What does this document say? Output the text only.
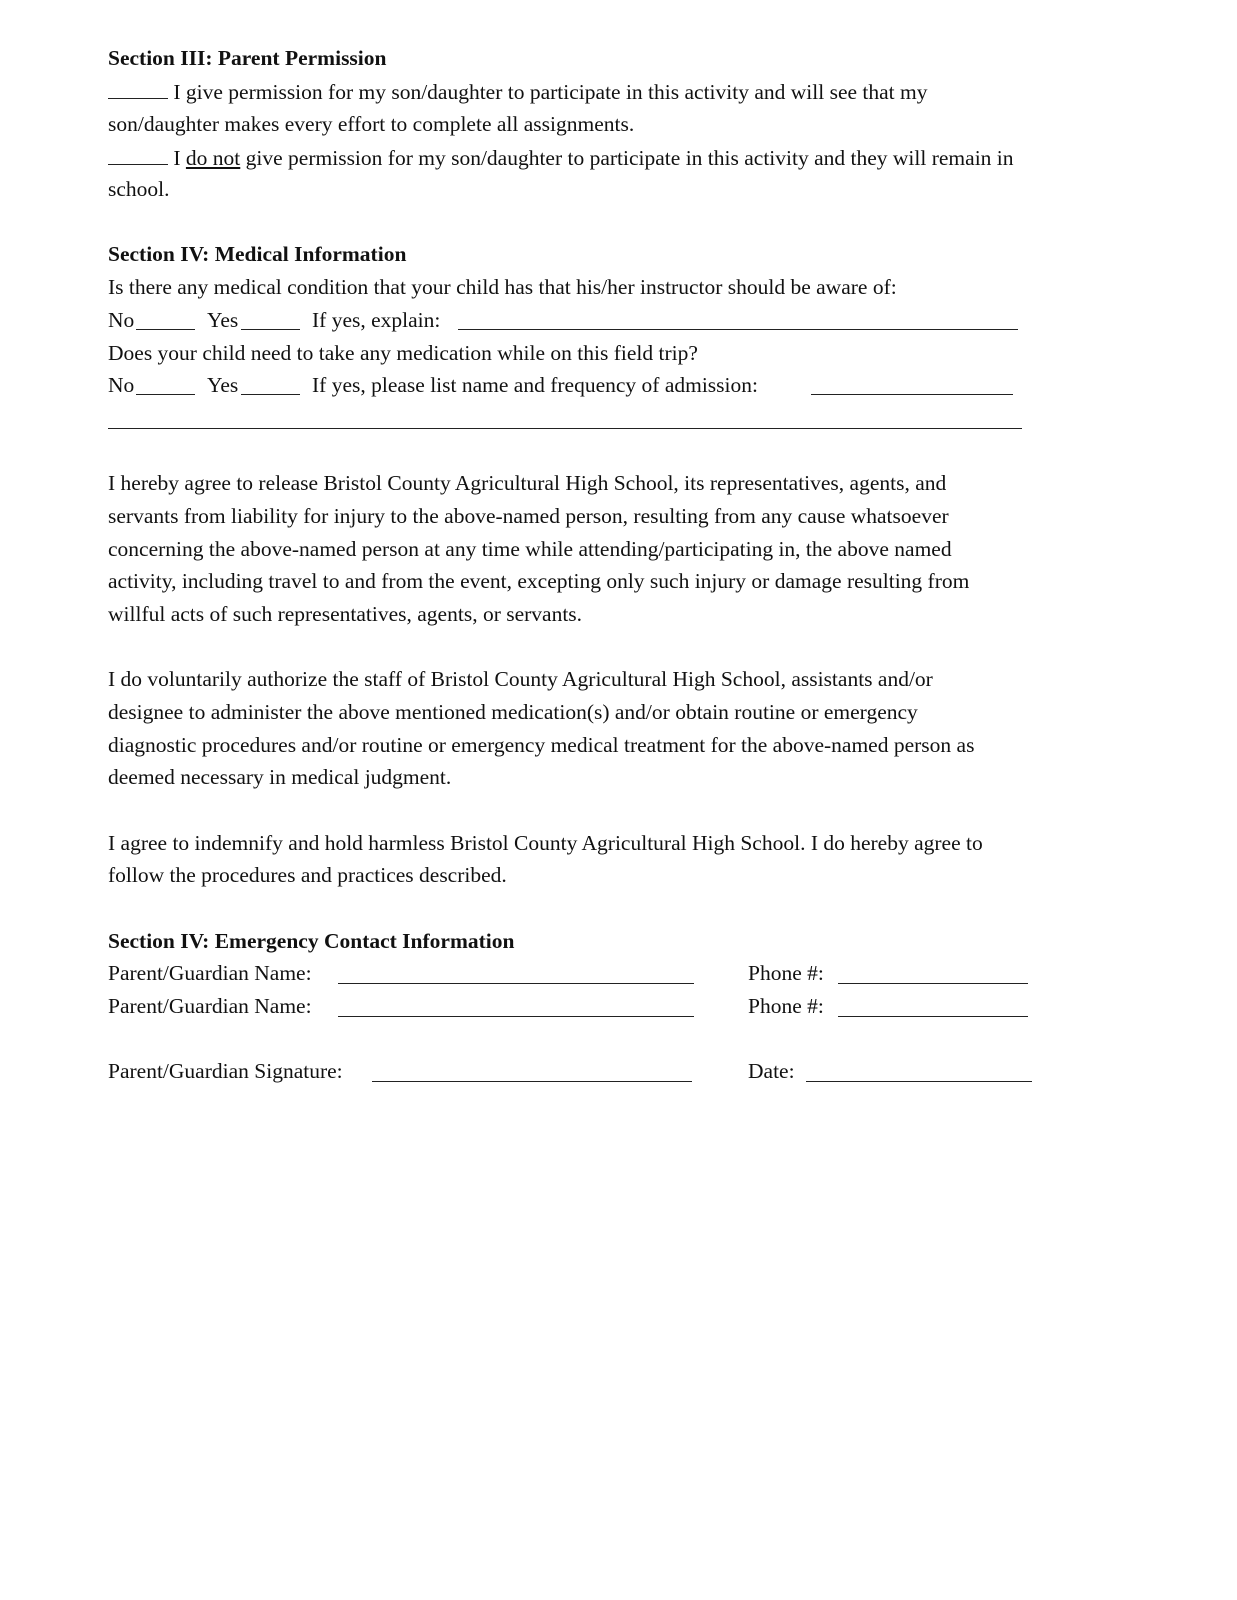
Section III: Parent Permission
I give permission for my son/daughter to participate in this activity and will see that my
son/daughter makes every effort to complete all assignments.
I do not give permission for my son/daughter to participate in this activity and they will remain in
school.
Section IV: Medical Information
Is there any medical condition that your child has that his/her instructor should be aware of:
No	Yes	If yes, explain:
Does your child need to take any medication while on this field trip?
No	Yes	If yes, please list name and frequency of admission:
I hereby agree to release Bristol County Agricultural High School, its representatives, agents, and
servants from liability for injury to the above-named person, resulting from any cause whatsoever
concerning the above-named person at any time while attending/participating in, the above named
activity, including travel to and from the event, excepting only such injury or damage resulting from
willful acts of such representatives, agents, or servants.
I do voluntarily authorize the staff of Bristol County Agricultural High School, assistants and/or
designee to administer the above mentioned medication(s) and/or obtain routine or emergency
diagnostic procedures and/or routine or emergency medical treatment for the above-named person as
deemed necessary in medical judgment.
I agree to indemnify and hold harmless Bristol County Agricultural High School. I do hereby agree to
follow the procedures and practices described.
Section IV: Emergency Contact Information
Parent/Guardian Name:	Phone #:
Parent/Guardian Name:	Phone #:
Parent/Guardian Signature:	Date:
